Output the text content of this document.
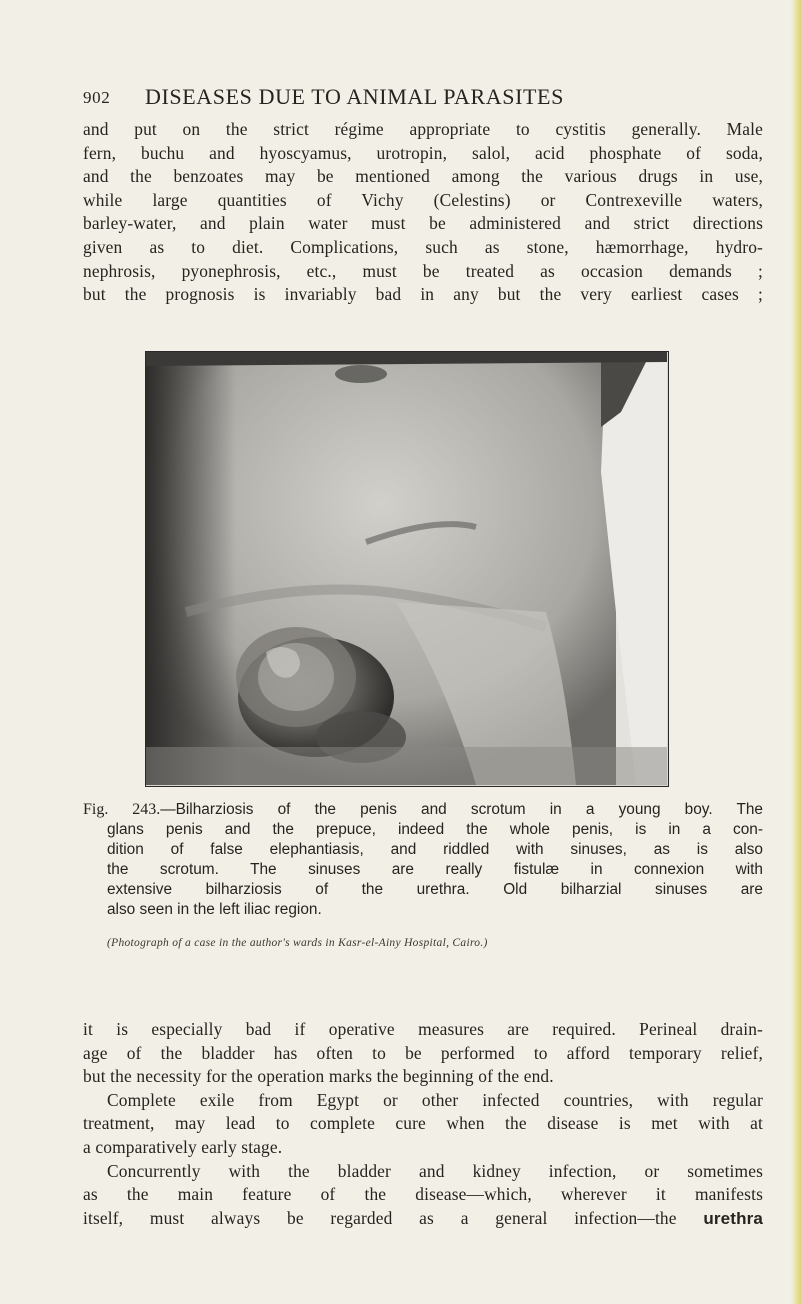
902 DISEASES DUE TO ANIMAL PARASITES
and put on the strict régime appropriate to cystitis generally. Male
fern, buchu and hyoscyamus, urotropin, salol, acid phosphate of soda,
and the benzoates may be mentioned among the various drugs in use,
while large quantities of Vichy (Celestins) or Contrexeville waters,
barley-water, and plain water must be administered and strict directions
given as to diet. Complications, such as stone, hæmorrhage, hydro-
nephrosis, pyonephrosis, etc., must be treated as occasion demands ;
but the prognosis is invariably bad in any but the very earliest cases ;
Fig. 243.—Bilharziosis of the penis and scrotum in a young boy. The
glans penis and the prepuce, indeed the whole penis, is in a con-
dition of false elephantiasis, and riddled with sinuses, as is also
the scrotum. The sinuses are really fistulæ in connexion with
extensive bilharziosis of the urethra. Old bilharzial sinuses are
also seen in the left iliac region.
(Photograph of a case in the author's wards in Kasr-el-Ainy Hospital, Cairo.)
it is especially bad if operative measures are required. Perineal drain-
age of the bladder has often to be performed to afford temporary relief,
but the necessity for the operation marks the beginning of the end.
Complete exile from Egypt or other infected countries, with regular
treatment, may lead to complete cure when the disease is met with at
a comparatively early stage.
Concurrently with the bladder and kidney infection, or sometimes
as the main feature of the disease—which, wherever it manifests
itself, must always be regarded as a general infection—the urethra
